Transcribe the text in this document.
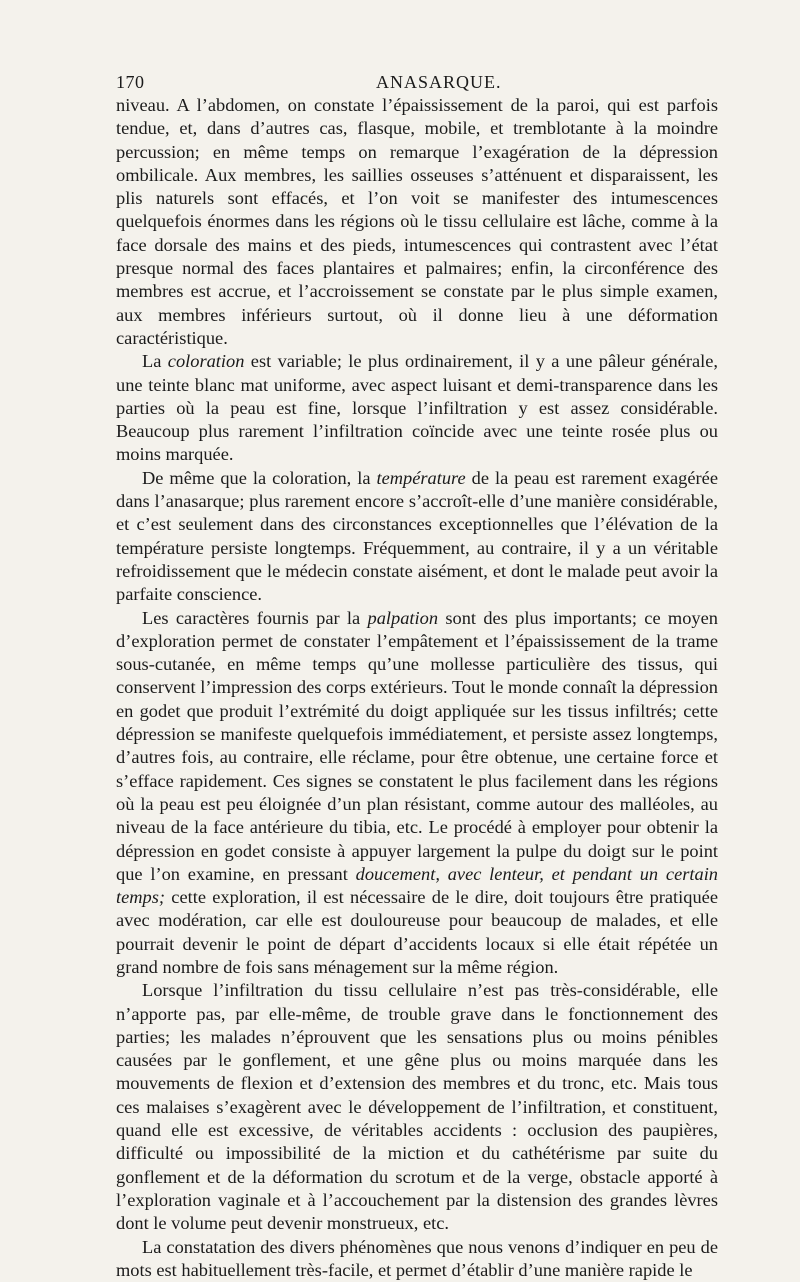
170	ANASARQUE.

niveau. A l’abdomen, on constate l’épaississement de la paroi, qui est parfois tendue, et, dans d’autres cas, flasque, mobile, et tremblotante à la moindre percussion; en même temps on remarque l’exagération de la dépression ombilicale. Aux membres, les saillies osseuses s’atténuent et disparaissent, les plis naturels sont effacés, et l’on voit se manifester des intumescences quelquefois énormes dans les régions où le tissu cellulaire est lâche, comme à la face dorsale des mains et des pieds, intumescences qui contrastent avec l’état presque normal des faces plantaires et palmaires; enfin, la circonférence des membres est accrue, et l’accroissement se constate par le plus simple examen, aux membres inférieurs surtout, où il donne lieu à une déformation caractéristique.

La coloration est variable; le plus ordinairement, il y a une pâleur générale, une teinte blanc mat uniforme, avec aspect luisant et demi-transparence dans les parties où la peau est fine, lorsque l’infiltration y est assez considérable. Beaucoup plus rarement l’infiltration coïncide avec une teinte rosée plus ou moins marquée.

De même que la coloration, la température de la peau est rarement exagérée dans l’anasarque; plus rarement encore s’accroît-elle d’une manière considérable, et c’est seulement dans des circonstances exceptionnelles que l’élévation de la température persiste longtemps. Fréquemment, au contraire, il y a un véritable refroidissement que le médecin constate aisément, et dont le malade peut avoir la parfaite conscience.

Les caractères fournis par la palpation sont des plus importants; ce moyen d’exploration permet de constater l’empâtement et l’épaississement de la trame sous-cutanée, en même temps qu’une mollesse particulière des tissus, qui conservent l’impression des corps extérieurs. Tout le monde connaît la dépression en godet que produit l’extrémité du doigt appliquée sur les tissus infiltrés; cette dépression se manifeste quelquefois immédiatement, et persiste assez longtemps, d’autres fois, au contraire, elle réclame, pour être obtenue, une certaine force et s’efface rapidement. Ces signes se constatent le plus facilement dans les régions où la peau est peu éloignée d’un plan résistant, comme autour des malléoles, au niveau de la face antérieure du tibia, etc. Le procédé à employer pour obtenir la dépression en godet consiste à appuyer largement la pulpe du doigt sur le point que l’on examine, en pressant doucement, avec lenteur, et pendant un certain temps; cette exploration, il est nécessaire de le dire, doit toujours être pratiquée avec modération, car elle est douloureuse pour beaucoup de malades, et elle pourrait devenir le point de départ d’accidents locaux si elle était répétée un grand nombre de fois sans ménagement sur la même région.

Lorsque l’infiltration du tissu cellulaire n’est pas très-considérable, elle n’apporte pas, par elle-même, de trouble grave dans le fonctionnement des parties; les malades n’éprouvent que les sensations plus ou moins pénibles causées par le gonflement, et une gêne plus ou moins marquée dans les mouvements de flexion et d’extension des membres et du tronc, etc. Mais tous ces malaises s’exagèrent avec le développement de l’infiltration, et constituent, quand elle est excessive, de véritables accidents : occlusion des paupières, difficulté ou impossibilité de la miction et du cathétérisme par suite du gonflement et de la déformation du scrotum et de la verge, obstacle apporté à l’exploration vaginale et à l’accouchement par la distension des grandes lèvres dont le volume peut devenir monstrueux, etc.

La constatation des divers phénomènes que nous venons d’indiquer en peu de mots est habituellement très-facile, et permet d’établir d’une manière rapide le
